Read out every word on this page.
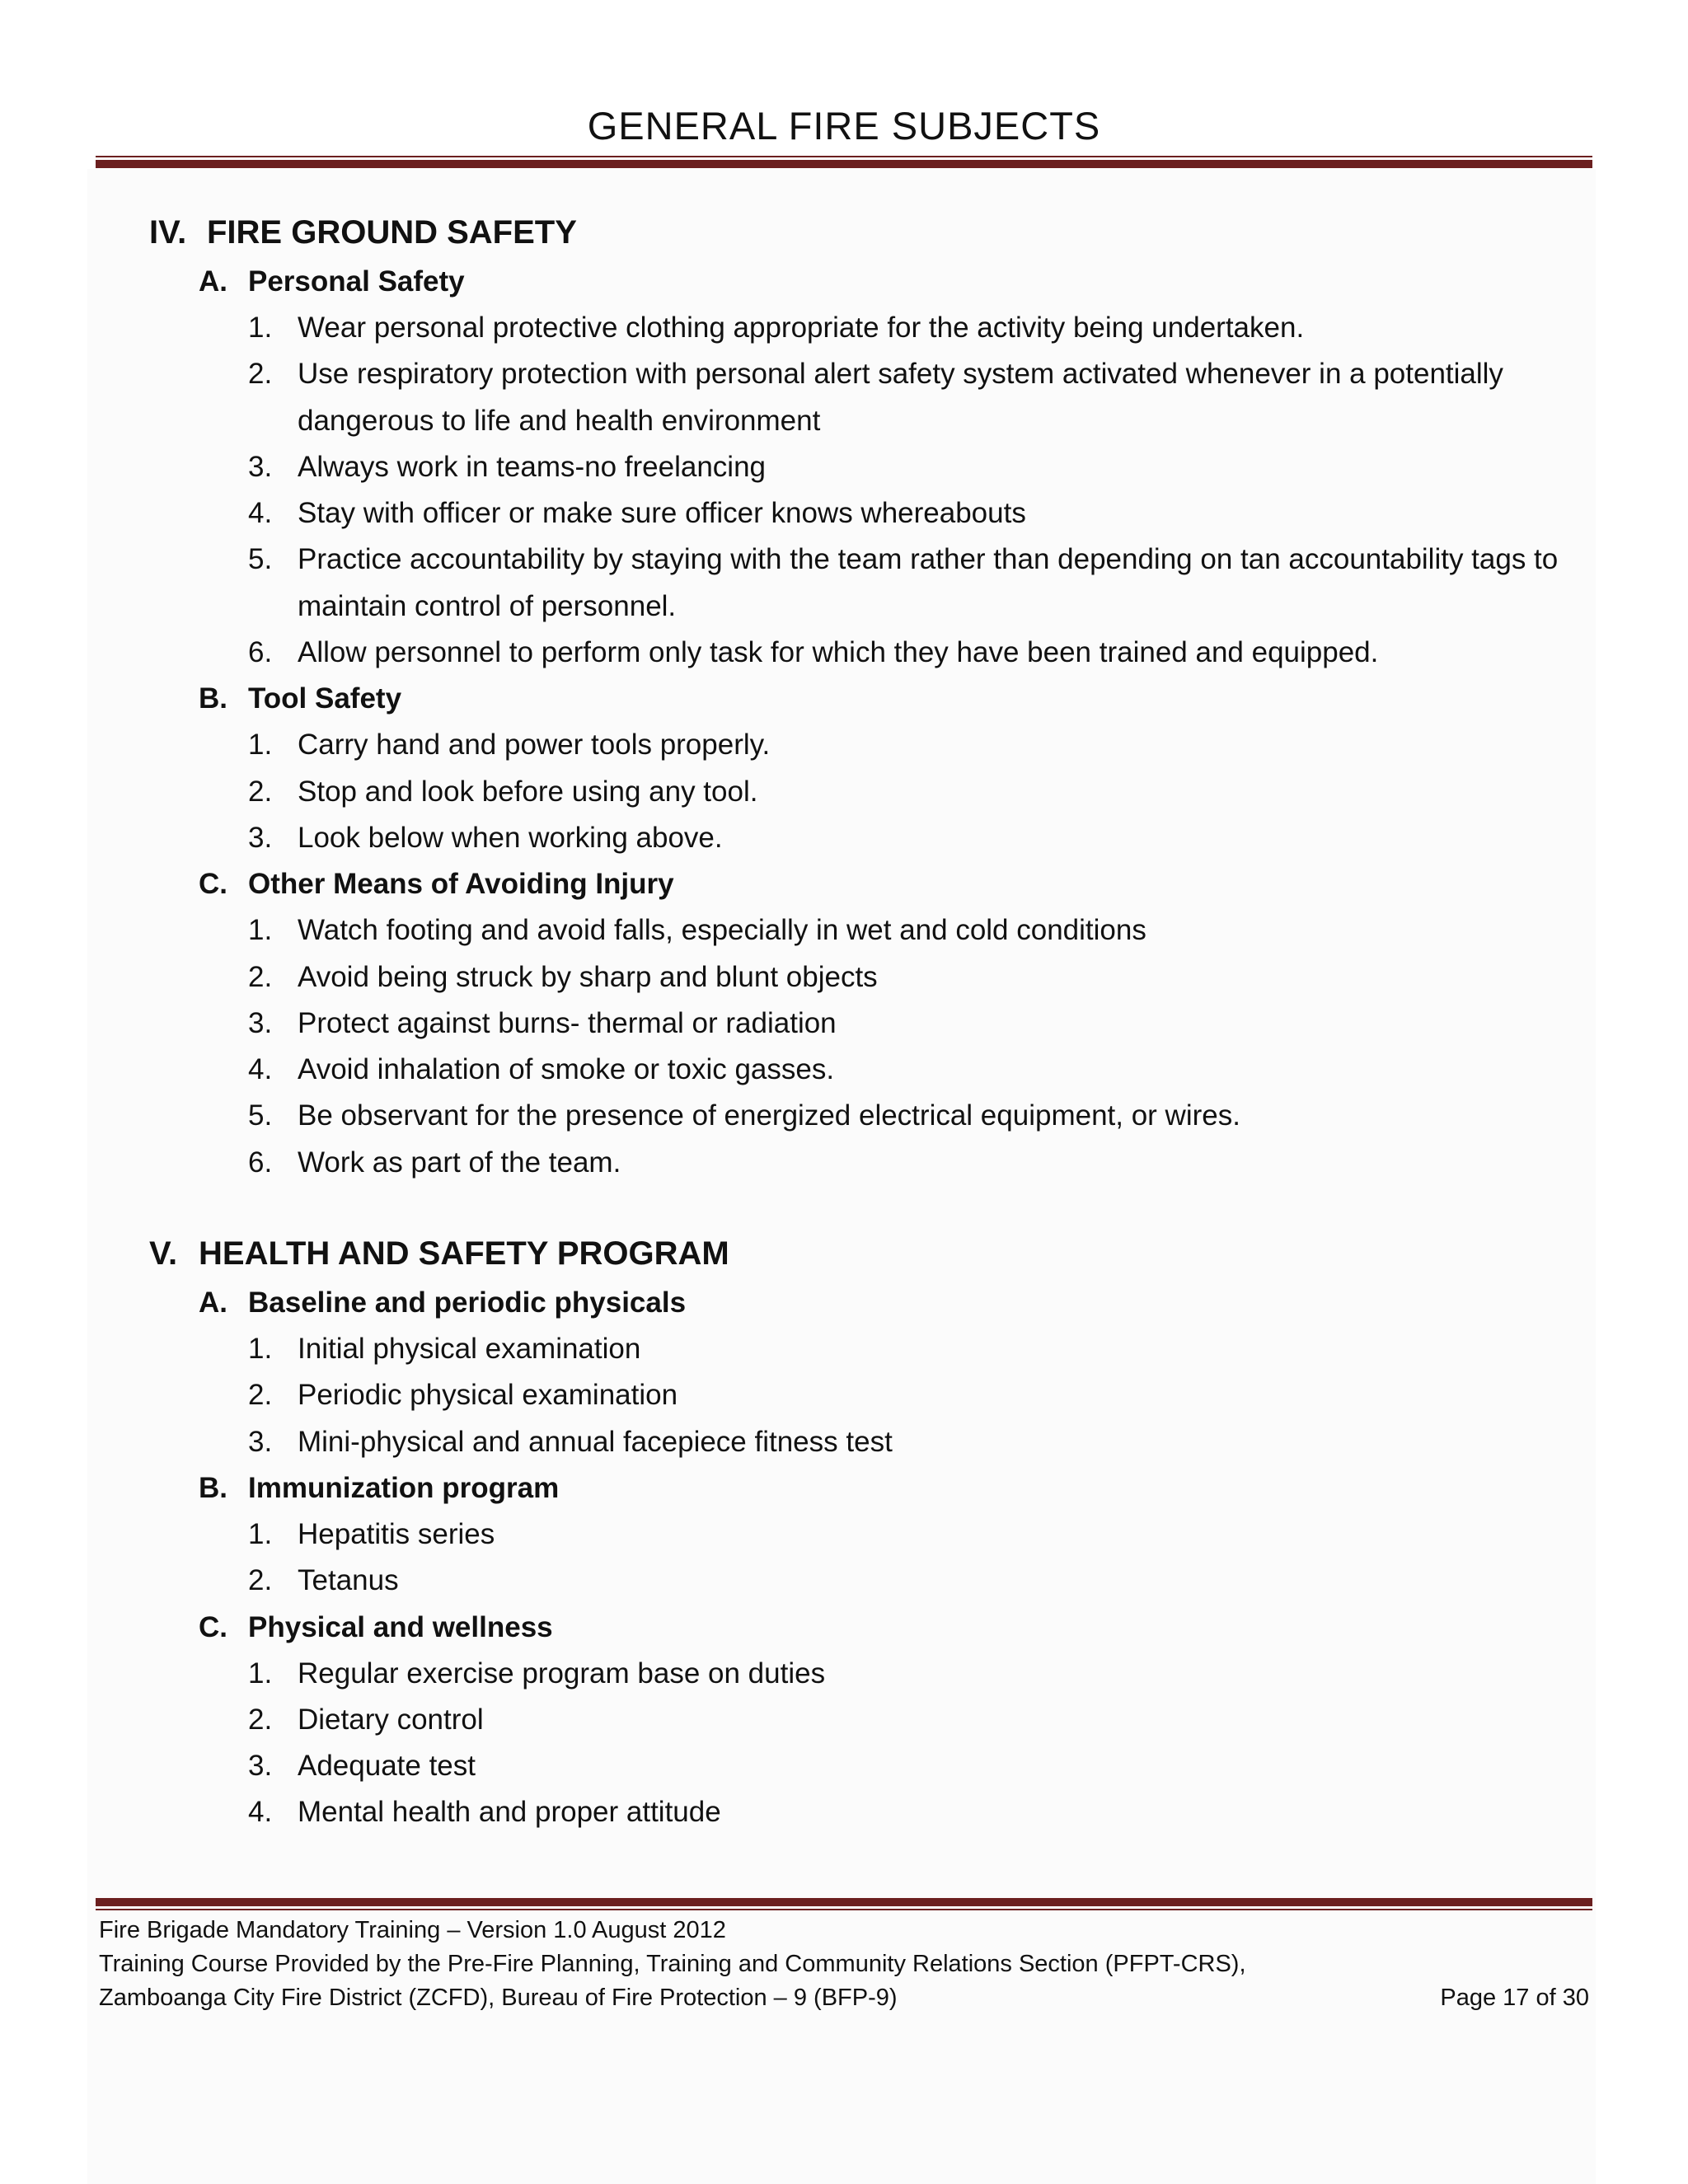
GENERAL FIRE SUBJECTS
IV. FIRE GROUND SAFETY
A. Personal Safety
1. Wear personal protective clothing appropriate for the activity being undertaken.
2. Use respiratory protection with personal alert safety system activated whenever in a potentially dangerous to life and health environment
3. Always work in teams-no freelancing
4. Stay with officer or make sure officer knows whereabouts
5. Practice accountability by staying with the team rather than depending on tan accountability tags to maintain control of personnel.
6. Allow personnel to perform only task for which they have been trained and equipped.
B. Tool Safety
1. Carry hand and power tools properly.
2. Stop and look before using any tool.
3. Look below when working above.
C. Other Means of Avoiding Injury
1. Watch footing and avoid falls, especially in wet and cold conditions
2. Avoid being struck by sharp and blunt objects
3. Protect against burns- thermal or radiation
4. Avoid inhalation of smoke or toxic gasses.
5. Be observant for the presence of energized electrical equipment, or wires.
6. Work as part of the team.
V. HEALTH AND SAFETY PROGRAM
A. Baseline and periodic physicals
1. Initial physical examination
2. Periodic physical examination
3. Mini-physical and annual facepiece fitness test
B. Immunization program
1. Hepatitis series
2. Tetanus
C. Physical and wellness
1. Regular exercise program base on duties
2. Dietary control
3. Adequate test
4. Mental health and proper attitude
Fire Brigade Mandatory Training – Version 1.0 August 2012
Training Course Provided by the Pre-Fire Planning, Training and Community Relations Section (PFPT-CRS),
Zamboanga City Fire District (ZCFD), Bureau of Fire Protection – 9 (BFP-9)	Page 17 of 30
